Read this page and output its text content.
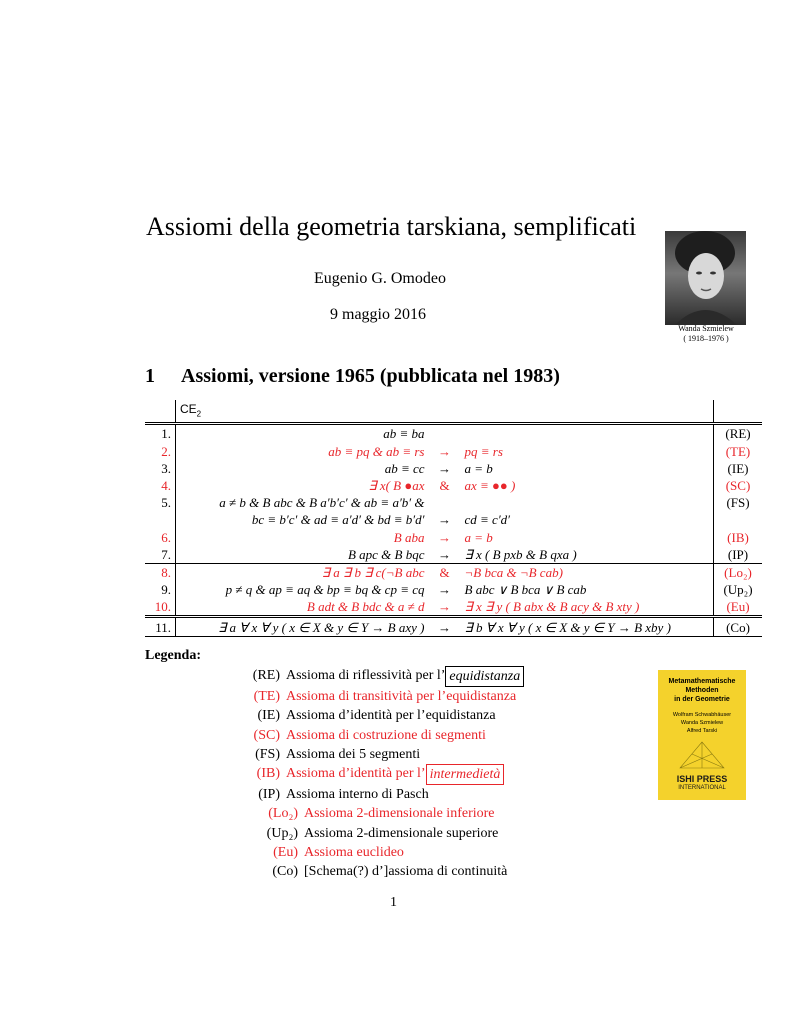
Assiomi della geometria tarskiana, semplificati
Eugenio G. Omodeo
9 maggio 2016
Wanda Szmielew
( 1918–1976 )
1 Assiomi, versione 1965 (pubblicata nel 1983)
	$CE_2$			
1.	ab ≡ ba			(RE)
2.	ab ≡ pq & ab ≡ rs	→	pq ≡ rs	(TE)
3.	ab ≡ cc	→	a = b	(IE)
4.	∃ x( B ●ax	&	ax ≡ ●● )	(SC)
5.	a ≠ b & B abc & B a′b′c′ & ab ≡ a′b′ &			(FS)
	bc ≡ b′c′ & ad ≡ a′d′ & bd ≡ b′d′	→	cd ≡ c′d′	
6.	B aba	→	a = b	(IB)
7.	B apc & B bqc	→	∃ x ( B pxb & B qxa )	(IP)
8.	∃ a ∃ b ∃ c(¬B abc	&	¬B bca & ¬B cab)	(Lo₂)
9.	p ≠ q & ap ≡ aq & bp ≡ bq & cp ≡ cq	→	B abc ∨ B bca ∨ B cab	(Up₂)
10.	B adt & B bdc & a ≠ d	→	∃ x ∃ y ( B abx & B acy & B xty )	(Eu)
11.	∃ a ∀ x ∀ y ( x ∈ X & y ∈ Y → B axy )	→	∃ b ∀ x ∀ y ( x ∈ X & y ∈ Y → B xby )	(Co)
Legenda:
(RE) Assioma di riflessività per l’ equidistanza
(TE) Assioma di transitività per l’equidistanza
(IE) Assioma d’identità per l’equidistanza
(SC) Assioma di costruzione di segmenti
(FS) Assioma dei 5 segmenti
(IB) Assioma d’identità per l’ intermedietà
(IP) Assioma interno di Pasch
(Lo₂) Assioma 2-dimensionale inferiore
(Up₂) Assioma 2-dimensionale superiore
(Eu) Assioma euclideo
(Co) [Schema(?) d’]assioma di continuità
Metamathematische
Methoden
in der Geometrie
Wolfram Schwabhäuser
Wanda Szmielew
Alfred Tarski
ISHI PRESS
INTERNATIONAL
1
